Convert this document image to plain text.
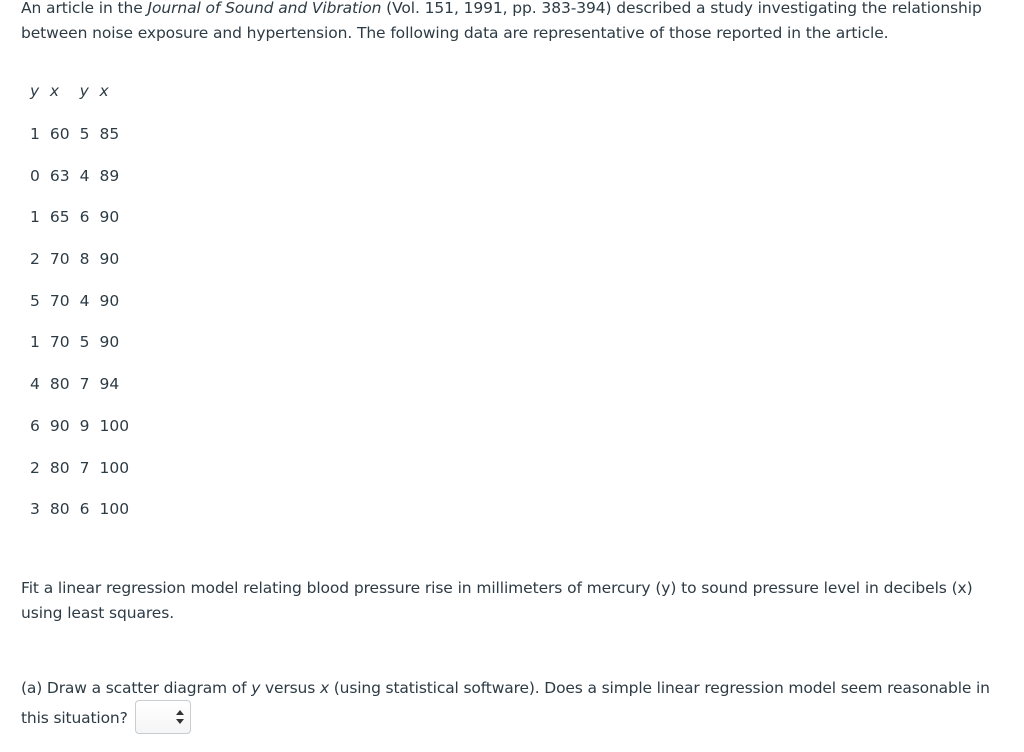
An article in the Journal of Sound and Vibration (Vol. 151, 1991, pp. 383-394) described a study investigating the relationship between noise exposure and hypertension. The following data are representative of those reported in the article.
y	x	y	x
1	60	5	85
0	63	4	89
1	65	6	90
2	70	8	90
5	70	4	90
1	70	5	90
4	80	7	94
6	90	9	100
2	80	7	100
3	80	6	100
Fit a linear regression model relating blood pressure rise in millimeters of mercury (y) to sound pressure level in decibels (x) using least squares.
(a) Draw a scatter diagram of y versus x (using statistical software). Does a simple linear regression model seem reasonable in this situation?
